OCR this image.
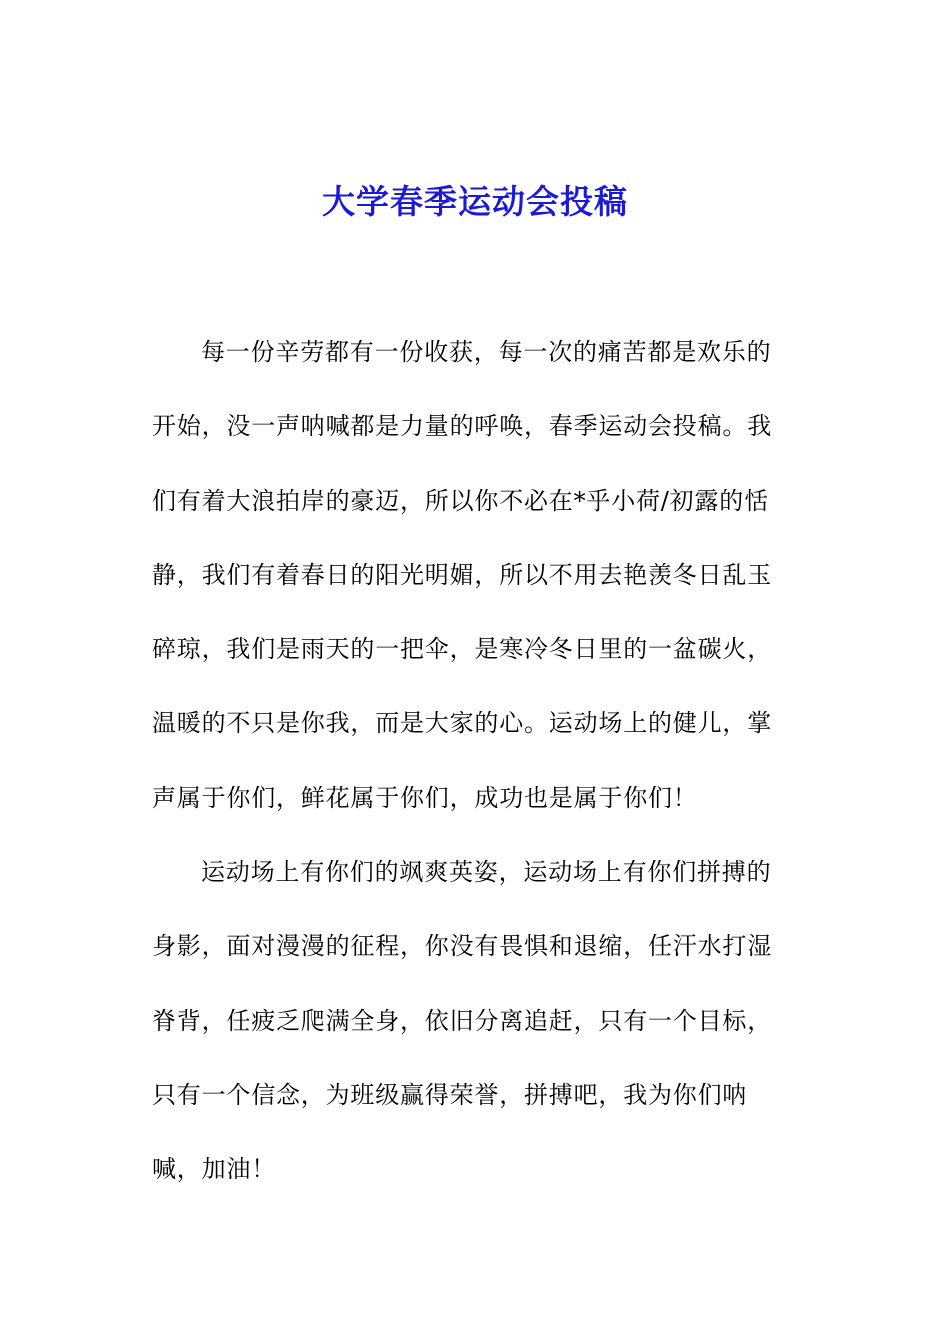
大学春季运动会投稿
每一份辛劳都有一份收获，每一次的痛苦都是欢乐的
开始，没一声呐喊都是力量的呼唤，春季运动会投稿。我
们有着大浪拍岸的豪迈，所以你不必在*乎小荷/初露的恬
静，我们有着春日的阳光明媚，所以不用去艳羡冬日乱玉
碎琼，我们是雨天的一把伞，是寒冷冬日里的一盆碳火，
温暖的不只是你我，而是大家的心。运动场上的健儿，掌
声属于你们，鲜花属于你们，成功也是属于你们！
运动场上有你们的飒爽英姿，运动场上有你们拼搏的
身影，面对漫漫的征程，你没有畏惧和退缩，任汗水打湿
脊背，任疲乏爬满全身，依旧分离追赶，只有一个目标，
只有一个信念，为班级赢得荣誉，拼搏吧，我为你们呐
喊，加油！
